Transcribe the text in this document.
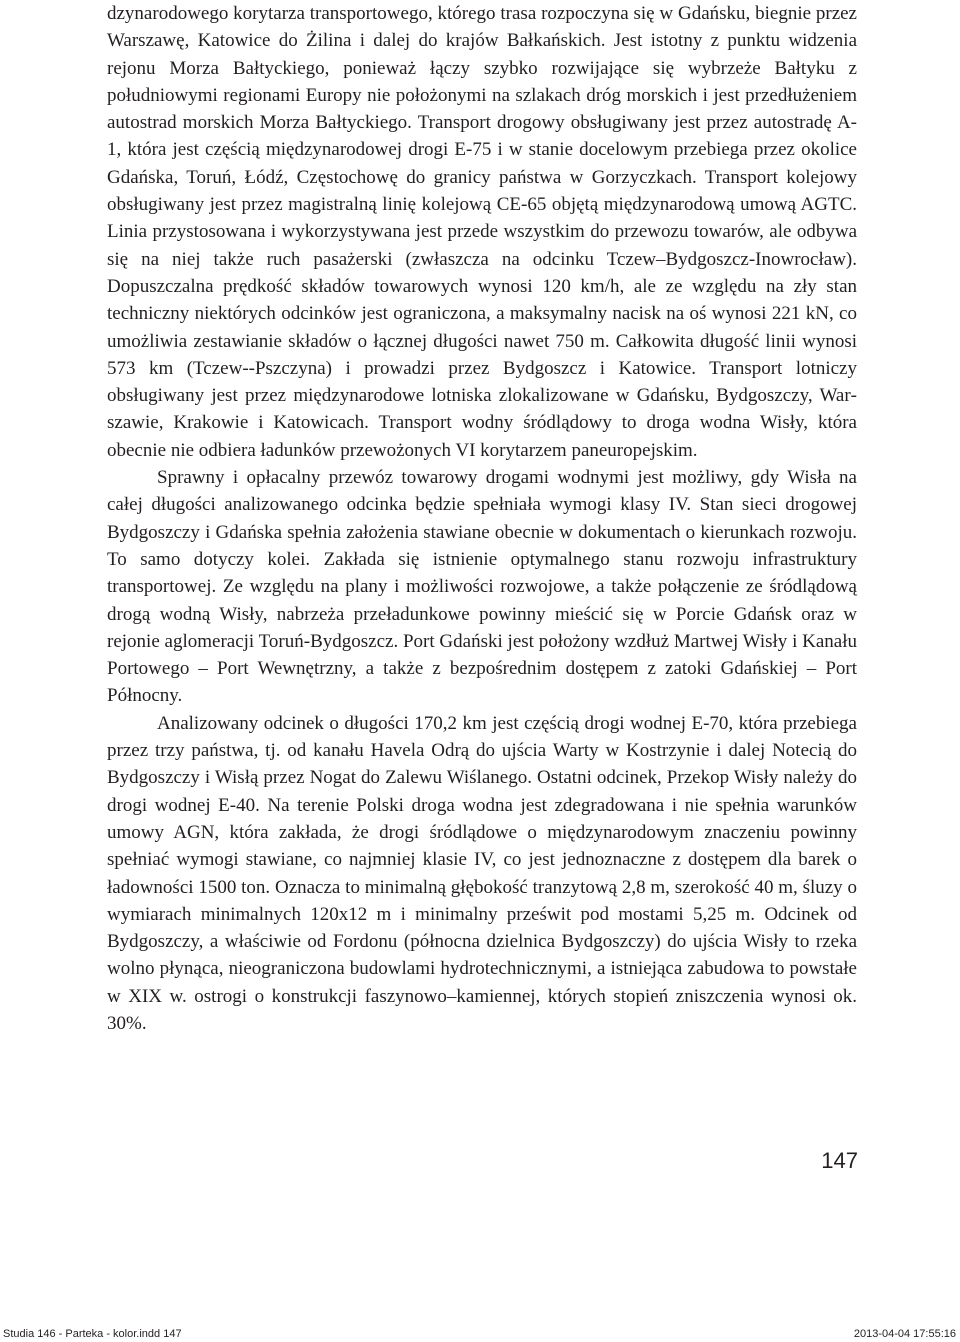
dzynarodowego korytarza transportowego, którego trasa rozpoczyna się w Gdańsku, biegnie przez Warszawę, Katowice do Żilina i dalej do krajów Bałkańskich. Jest istotny z punktu widzenia rejonu Morza Bałtyckiego, ponieważ łączy szybko rozwijające się wybrzeże Bałtyku z południowymi regionami Europy nie położonymi na szlakach dróg morskich i jest przedłużeniem autostrad morskich Morza Bałtyckiego. Transport drogowy obsługiwany jest przez autostradę A-1, która jest częścią międzynarodowej drogi E-75 i w stanie docelowym przebiega przez okolice Gdańska, Toruń, Łódź, Częstochowę do granicy państwa w Gorzyczkach. Transport kolejowy obsługiwany jest przez magistralną linię kolejową CE-65 objętą międzynarodową umową AGTC. Linia przystosowana i wykorzystywana jest przede wszystkim do przewozu towarów, ale odbywa się na niej także ruch pasażerski (zwłaszcza na odcinku Tczew–Bydgoszcz-Inowrocław). Dopuszczalna prędkość składów towarowych wynosi 120 km/h, ale ze względu na zły stan techniczny niektórych odcinków jest ograniczona, a maksymalny nacisk na oś wynosi 221 kN, co umożliwia zestawianie składów o łącznej długości nawet 750 m. Całkowita długość linii wynosi 573 km (Tczew--Pszczyna) i prowadzi przez Bydgoszcz i Katowice. Transport lotniczy obsługiwany jest przez międzynarodowe lotniska zlokalizowane w Gdańsku, Bydgoszczy, Warszawie, Krakowie i Katowicach. Transport wodny śródlądowy to droga wodna Wisły, która obecnie nie odbiera ładunków przewożonych VI korytarzem paneuropejskim.

Sprawny i opłacalny przewóz towarowy drogami wodnymi jest możliwy, gdy Wisła na całej długości analizowanego odcinka będzie spełniała wymogi klasy IV. Stan sieci drogowej Bydgoszczy i Gdańska spełnia założenia stawiane obecnie w dokumentach o kierunkach rozwoju. To samo dotyczy kolei. Zakłada się istnienie optymalnego stanu rozwoju infrastruktury transportowej. Ze względu na plany i możliwości rozwojowe, a także połączenie ze śródlądową drogą wodną Wisły, nabrzeża przeładunkowe powinny mieścić się w Porcie Gdańsk oraz w rejonie aglomeracji Toruń-Bydgoszcz. Port Gdański jest położony wzdłuż Martwej Wisły i Kanału Portowego – Port Wewnętrzny, a także z bezpośrednim dostępem z zatoki Gdańskiej – Port Północny.

Analizowany odcinek o długości 170,2 km jest częścią drogi wodnej E-70, która przebiega przez trzy państwa, tj. od kanału Havela Odrą do ujścia Warty w Kostrzynie i dalej Notecią do Bydgoszczy i Wisłą przez Nogat do Zalewu Wiślanego. Ostatni odcinek, Przekop Wisły należy do drogi wodnej E-40. Na terenie Polski droga wodna jest zdegradowana i nie spełnia warunków umowy AGN, która zakłada, że drogi śródlądowe o międzynarodowym znaczeniu powinny spełniać wymogi stawiane, co najmniej klasie IV, co jest jednoznaczne z dostępem dla barek o ładowności 1500 ton. Oznacza to minimalną głębokość tranzytową 2,8 m, szerokość 40 m, śluzy o wymiarach minimalnych 120x12 m i minimalny prześwit pod mostami 5,25 m. Odcinek od Bydgoszczy, a właściwie od Fordonu (północna dzielnica Bydgoszczy) do ujścia Wisły to rzeka wolno płynąca, nieograniczona budowlami hydrotechnicznymi, a istniejąca zabudowa to powstałe w XIX w. ostrogi o konstrukcji faszynowo–kamiennej, których stopień zniszczenia wynosi ok. 30%.

147
Studia 146 - Parteka - kolor.indd 147	2013-04-04 17:55:16
